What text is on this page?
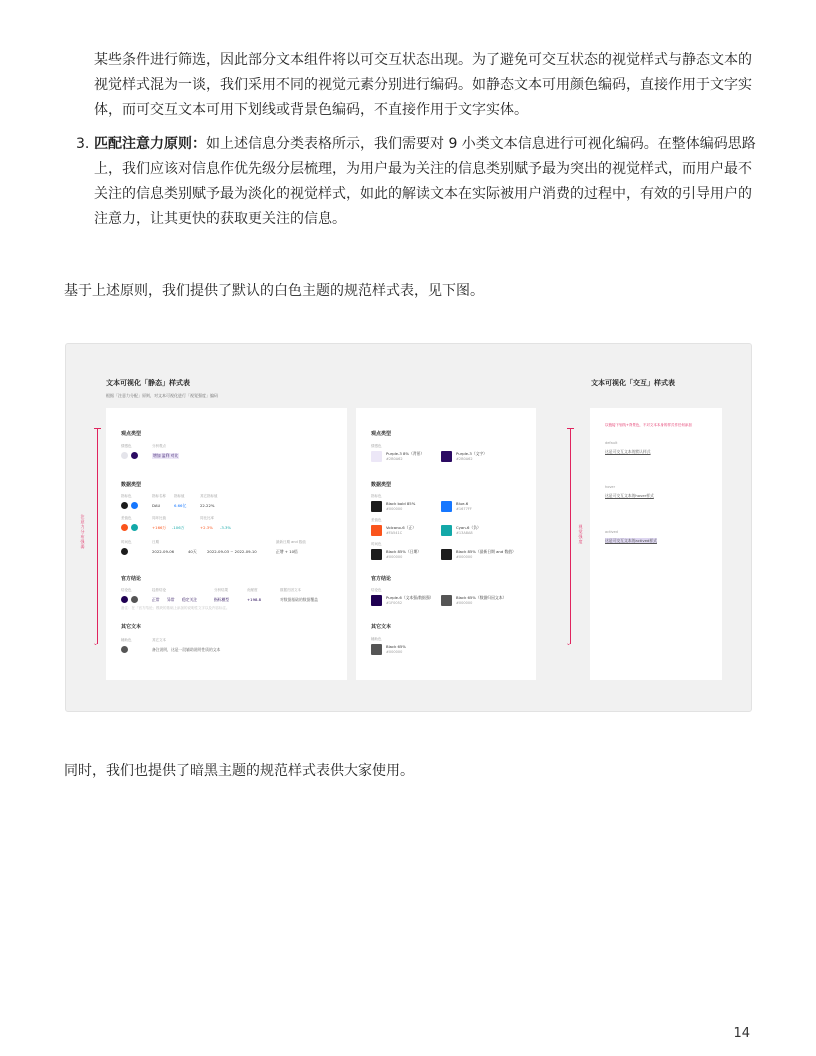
某些条件进行筛选，因此部分文本组件将以可交互状态出现。为了避免可交互状态的视觉样式与静态文本的视觉样式混为一谈，我们采用不同的视觉元素分别进行编码。如静态文本可用颜色编码，直接作用于文字实体，而可交互文本可用下划线或背景色编码，不直接作用于文字实体。
3. 匹配注意力原则：如上述信息分类表格所示，我们需要对 9 小类文本信息进行可视化编码。在整体编码思路上，我们应该对信息作优先级分层梳理，为用户最为关注的信息类别赋予最为突出的视觉样式，而用户最不关注的信息类别赋予最为淡化的视觉样式，如此的解读文本在实际被用户消费的过程中，有效的引导用户的注意力，让其更快的获取更关注的信息。
基于上述原则，我们提供了默认的白色主题的规范样式表，见下图。
文本可视化「静态」样式表
根据「注意力分配」原则，对文本可视化进行「视觉强度」编码
文本可视化「交互」样式表
⌄
注意力分布强弱
观点类型
情感色	分析观点
增加 盈利 对比
数据类型
指标色	指标名称 指标值	其它指标值
DAU	6.66亿	22.22%
差值色	同环比值	同比比率
+166万 -106万	+2.3% -3.3%
时间色	日期	最新日期 and 数值
2022-09-06	40天	2022-09-03 ~ 2022-09-10	正增 + 10倍
官方结论
结论色	趋势结论	分析结果	贡献度	数据归因文本
正常 异常 稳定关注	指标模型	+198.8	对数据基础的数据覆盖
备注：在「官方结论」模块的基础上添加的说明性文字以及内容标注。
其它文本
辅助色	其它文本
备注说明，这是一段辅助说明性质的文本
观点类型
情感色
Purple-3 8%（背景）
#2B0A62
Purple-3（文字）
#2B0A62
数据类型
指标色
Black bold 85%
#000000
Blue-6
#1677FF
差值色
Volcano-6（正）
#FA541C
Cyan-6（负）
#13A8A8
时间色
Black 85%（日期）
#000000
Black 85%（最新日期 and 数值）
#000000
官方结论
结论色
Purple-6（文本强/数据强）
#1F0052
Black 65%（数据归因文本）
#000000
其它文本
辅助色
Black 65%
#000000
⌄
视觉强度
以链接下划线+背景色，不对文本本身的样式作任何添加
default
这是可交互文本的默认样式
hover
这是可交互文本的hover样式
actived
这是可交互文本的actived样式
同时，我们也提供了暗黑主题的规范样式表供大家使用。
14
